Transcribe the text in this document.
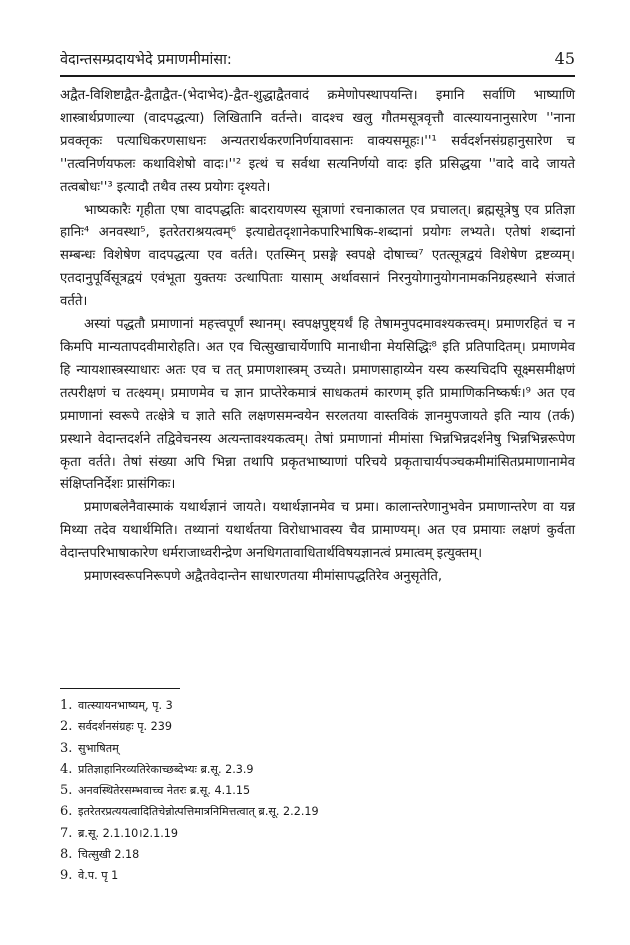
वेदान्तसम्प्रदायभेदे प्रमाणमीमांसा:	45

अद्वैत-विशिष्टाद्वैत-द्वैताद्वैत-(भेदाभेद)-द्वैत-शुद्धाद्वैतवादं क्रमेणोपस्थापयन्ति। इमानि सर्वाणि भाष्याणि शास्त्रार्थप्रणाल्या (वादपद्धत्या) लिखितानि वर्तन्ते। वादश्च खलु गौतमसूत्रवृत्तौ वात्स्यायनानुसारेण ''नाना प्रवक्तृकः पत्याधिकरणसाधनः अन्यतरार्थकरणनिर्णयावसानः वाक्यसमूहः।''¹ सर्वदर्शनसंग्रहानुसारेण च ''तत्वनिर्णयफलः कथाविशेषो वादः।''² इत्थं च सर्वथा सत्यनिर्णयो वादः इति प्रसिद्धया ''वादे वादे जायते तत्वबोधः''³ इत्यादौ तथैव तस्य प्रयोगः दृश्यते।

भाष्यकारैः गृहीता एषा वादपद्धतिः बादरायणस्य सूत्राणां रचनाकालत एव प्रचालत्। ब्रह्मसूत्रेषु एव प्रतिज्ञा हानिः⁴ अनवस्था⁵, इतरेतराश्रयत्वम्⁶ इत्याद्येतदृशानेकपारिभाषिक-शब्दानां प्रयोगः लभ्यते। एतेषां शब्दानां सम्बन्धः विशेषेण वादपद्धत्या एव वर्तते। एतस्मिन् प्रसङ्गे स्वपक्षे दोषाच्च⁷ एतत्सूत्रद्वयं विशेषेण द्रष्टव्यम्। एतदानुपूर्विसूत्रद्वयं एवंभूता युक्तयः उत्थापिताः यासाम् अर्थावसानं निरनुयोगानुयोगनामकनिग्रहस्थाने संजातं वर्तते।

अस्यां पद्धतौ प्रमाणानां महत्त्वपूर्णं स्थानम्। स्वपक्षपुष्ट्यर्थं हि तेषामनुपदमावश्यकत्त्वम्। प्रमाणरहितं च न किमपि मान्यतापदवीमारोहति। अत एव चित्सुखाचार्येणापि मानाधीना मेयसिद्धिः⁸ इति प्रतिपादितम्। प्रमाणमेव हि न्यायशास्त्रस्याधारः अतः एव च तत् प्रमाणशास्त्रम् उच्यते। प्रमाणसाहाय्येन यस्य कस्यचिदपि सूक्ष्मसमीक्षणं तत्परीक्षणं च तत्क्ष्यम्। प्रमाणमेव च ज्ञान प्राप्तेरेकमात्रं साधकतमं कारणम् इति प्रामाणिकनिष्कर्षः।⁹ अत एव प्रमाणानां स्वरूपे तत्क्षेत्रे च ज्ञाते सति लक्षणसमन्वयेन सरलतया वास्तविकं ज्ञानमुपजायते इति न्याय (तर्क) प्रस्थाने वेदान्तदर्शने तद्विवेचनस्य अत्यन्तावश्यकत्वम्। तेषां प्रमाणानां मीमांसा भिन्नभिन्नदर्शनेषु भिन्नभिन्नरूपेण कृता वर्तते। तेषां संख्या अपि भिन्ना तथापि प्रकृतभाष्याणां परिचये प्रकृताचार्यपञ्चकमीमांसितप्रमाणानामेव संक्षिप्तनिर्देशः प्रासंगिकः।

प्रमाणबलेनैवास्माकं यथार्थज्ञानं जायते। यथार्थज्ञानमेव च प्रमा। कालान्तरेणानुभवेन प्रमाणान्तरेण वा यन्न मिथ्या तदेव यथार्थमिति। तथ्यानां यथार्थतया विरोधाभावस्य चैव प्रामाण्यम्। अत एव प्रमायाः लक्षणं कुर्वता वेदान्तपरिभाषाकारेण धर्मराजाध्वरीन्द्रेण अनधिगतावाधितार्थविषयज्ञानत्वं प्रमात्वम् इत्युक्तम्।

प्रमाणस्वरूपनिरूपणे अद्वैतवेदान्तेन साधारणतया मीमांसापद्धतिरेव अनुसृतेति,

1. वात्स्यायनभाष्यम्, पृ. 3
2. सर्वदर्शनसंग्रहः पृ. 239
3. सुभाषितम्
4. प्रतिज्ञाहानिरव्यतिरेकाच्छब्देभ्यः ब्र.सू. 2.3.9
5. अनवस्थितेरसम्भवाच्च नेतरः ब्र.सू. 4.1.15
6. इतरेतरप्रत्ययत्वादितिचेन्नोत्पत्तिमात्रनिमित्तत्वात् ब्र.सू. 2.2.19
7. ब्र.सू. 2.1.10।2.1.19
8. चित्सुखी 2.18
9. वे.प. पृ 1
